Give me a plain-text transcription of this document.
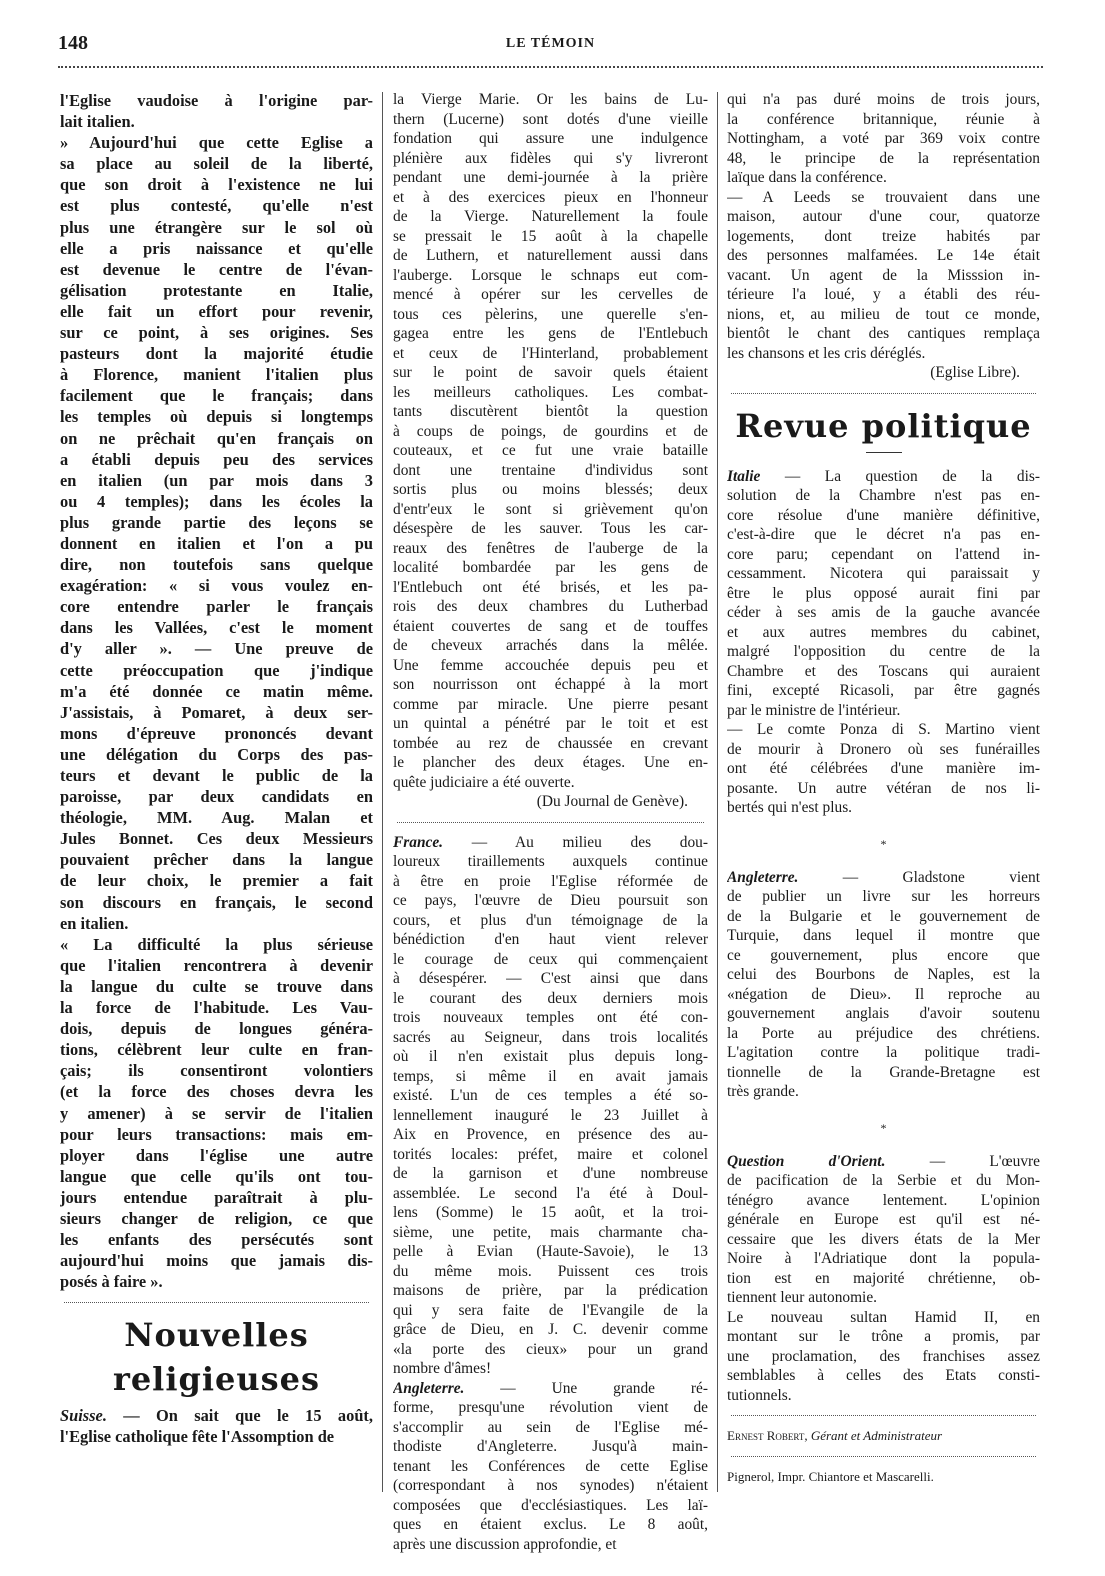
148	LE TÉMOIN
l'Eglise vaudoise à l'origine par-
lait italien.
» Aujourd'hui que cette Eglise a
sa place au soleil de la liberté,
que son droit à l'existence ne lui
est plus contesté, qu'elle n'est
plus une étrangère sur le sol où
elle a pris naissance et qu'elle
est devenue le centre de l'évan-
gélisation protestante en Italie,
elle fait un effort pour revenir,
sur ce point, à ses origines. Ses
pasteurs dont la majorité étudie
à Florence, manient l'italien plus
facilement que le français; dans
les temples où depuis si longtemps
on ne prêchait qu'en français on
a établi depuis peu des services
en italien (un par mois dans 3
ou 4 temples); dans les écoles la
plus grande partie des leçons se
donnent en italien et l'on a pu
dire, non toutefois sans quelque
exagération: « si vous voulez en-
core entendre parler le français
dans les Vallées, c'est le moment
d'y aller ». — Une preuve de
cette préoccupation que j'indique
m'a été donnée ce matin même.
J'assistais, à Pomaret, à deux ser-
mons d'épreuve prononcés devant
une délégation du Corps des pas-
teurs et devant le public de la
paroisse, par deux candidats en
théologie, MM. Aug. Malan et
Jules Bonnet. Ces deux Messieurs
pouvaient prêcher dans la langue
de leur choix, le premier a fait
son discours en français, le second
en italien.
« La difficulté la plus sérieuse
que l'italien rencontrera à devenir
la langue du culte se trouve dans
la force de l'habitude. Les Vau-
dois, depuis de longues généra-
tions, célèbrent leur culte en fran-
çais; ils consentiront volontiers
(et la force des choses devra les
y amener) à se servir de l'italien
pour leurs transactions: mais em-
ployer dans l'église une autre
langue que celle qu'ils ont tou-
jours entendue paraîtrait à plu-
sieurs changer de religion, ce que
les enfants des persécutés sont
aujourd'hui moins que jamais dis-
posés à faire ».
Nouvelles religieuses
Suisse. — On sait que le 15 août,
l'Eglise catholique fête l'Assomption de
la Vierge Marie. Or les bains de Lu-
thern (Lucerne) sont dotés d'une vieille
fondation qui assure une indulgence
plénière aux fidèles qui s'y livreront
pendant une demi-journée à la prière
et à des exercices pieux en l'honneur
de la Vierge. Naturellement la foule
se pressait le 15 août à la chapelle
de Luthern, et naturellement aussi dans
l'auberge. Lorsque le schnaps eut com-
mencé à opérer sur les cervelles de
tous ces pèlerins, une querelle s'en-
gagea entre les gens de l'Entlebuch
et ceux de l'Hinterland, probablement
sur le point de savoir quels étaient
les meilleurs catholiques. Les combat-
tants discutèrent bientôt la question
à coups de poings, de gourdins et de
couteaux, et ce fut une vraie bataille
dont une trentaine d'individus sont
sortis plus ou moins blessés; deux
d'entr'eux le sont si grièvement qu'on
désespère de les sauver. Tous les car-
reaux des fenêtres de l'auberge de la
localité bombardée par les gens de
l'Entlebuch ont été brisés, et les pa-
rois des deux chambres du Lutherbad
étaient couvertes de sang et de touffes
de cheveux arrachés dans la mêlée.
Une femme accouchée depuis peu et
son nourrisson ont échappé à la mort
comme par miracle. Une pierre pesant
un quintal a pénétré par le toit et est
tombée au rez de chaussée en crevant
le plancher des deux étages. Une en-
quête judiciaire a été ouverte.
(Du Journal de Genève).
France. — Au milieu des dou-
loureux tiraillements auxquels continue
à être en proie l'Eglise réformée de
ce pays, l'œuvre de Dieu poursuit son
cours, et plus d'un témoignage de la
bénédiction d'en haut vient relever
le courage de ceux qui commençaient
à désespérer. — C'est ainsi que dans
le courant des deux derniers mois
trois nouveaux temples ont été con-
sacrés au Seigneur, dans trois localités
où il n'en existait plus depuis long-
temps, si même il en avait jamais
existé. L'un de ces temples a été so-
lennellement inauguré le 23 Juillet à
Aix en Provence, en présence des au-
torités locales: préfet, maire et colonel
de la garnison et d'une nombreuse
assemblée. Le second l'a été à Doul-
lens (Somme) le 15 août, et la troi-
sième, une petite, mais charmante cha-
pelle à Evian (Haute-Savoie), le 13
du même mois. Puissent ces trois
maisons de prière, par la prédication
qui y sera faite de l'Evangile de la
grâce de Dieu, en J. C. devenir comme
«la porte des cieux» pour un grand
nombre d'âmes!
Angleterre. — Une grande ré-
forme, presqu'une révolution vient de
s'accomplir au sein de l'Eglise mé-
thodiste d'Angleterre. Jusqu'à main-
tenant les Conférences de cette Eglise
(correspondant à nos synodes) n'étaient
composées que d'ecclésiastiques. Les laï-
ques en étaient exclus. Le 8 août,
après une discussion approfondie, et
qui n'a pas duré moins de trois jours,
la conférence britannique, réunie à
Nottingham, a voté par 369 voix contre
48, le principe de la représentation
laïque dans la conférence.
— A Leeds se trouvaient dans une
maison, autour d'une cour, quatorze
logements, dont treize habités par
des personnes malfamées. Le 14e était
vacant. Un agent de la Misssion in-
térieure l'a loué, y a établi des réu-
nions, et, au milieu de tout ce monde,
bientôt le chant des cantiques remplaça
les chansons et les cris déréglés.
(Eglise Libre).
Revue politique
Italie — La question de la dis-
solution de la Chambre n'est pas en-
core résolue d'une manière définitive,
c'est-à-dire que le décret n'a pas en-
core paru; cependant on l'attend in-
cessamment. Nicotera qui paraissait y
être le plus opposé aurait fini par
céder à ses amis de la gauche avancée
et aux autres membres du cabinet,
malgré l'opposition du centre de la
Chambre et des Toscans qui auraient
fini, excepté Ricasoli, par être gagnés
par le ministre de l'intérieur.
— Le comte Ponza di S. Martino vient
de mourir à Dronero où ses funérailles
ont été célébrées d'une manière im-
posante. Un autre vétéran de nos li-
bertés qui n'est plus.
*
Angleterre. — Gladstone vient
de publier un livre sur les horreurs
de la Bulgarie et le gouvernement de
Turquie, dans lequel il montre que
ce gouvernement, plus encore que
celui des Bourbons de Naples, est la
«négation de Dieu». Il reproche au
gouvernement anglais d'avoir soutenu
la Porte au préjudice des chrétiens.
L'agitation contre la politique tradi-
tionnelle de la Grande-Bretagne est
très grande.
*
Question d'Orient. — L'œuvre
de pacification de la Serbie et du Mon-
ténégro avance lentement. L'opinion
générale en Europe est qu'il est né-
cessaire que les divers états de la Mer
Noire à l'Adriatique dont la popula-
tion est en majorité chrétienne, ob-
tiennent leur autonomie.
Le nouveau sultan Hamid II, en
montant sur le trône a promis, par
une proclamation, des franchises assez
semblables à celles des Etats consti-
tutionnels.
Ernest Robert, Gérant et Administrateur
Pignerol, Impr. Chiantore et Mascarelli.
